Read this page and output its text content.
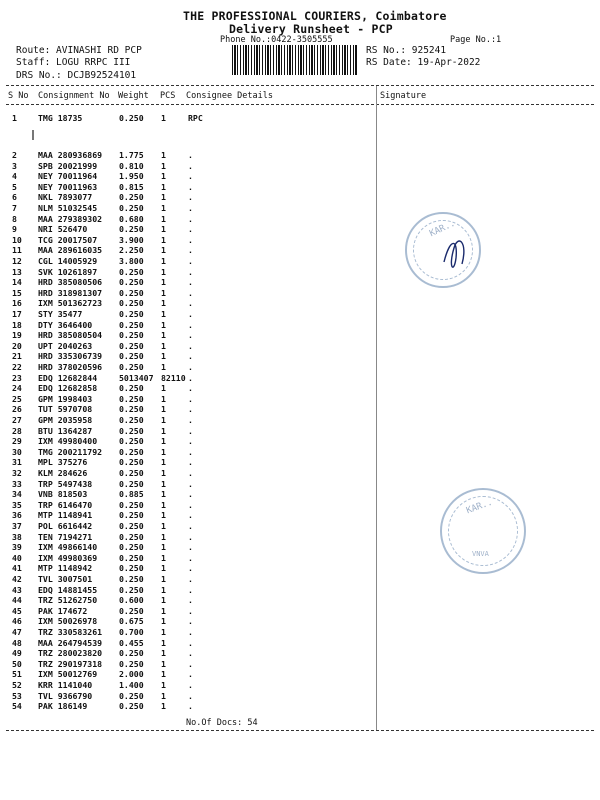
THE PROFESSIONAL COURIERS, Coimbatore
Delivery Runsheet - PCP
Phone No.:0422-3505555	Page No.:1
Route: AVINASHI RD PCP
Staff: LOGU RRPC III
DRS No.: DCJB92524101
RS No.: 925241
RS Date: 19-Apr-2022
S No Consignment No Weight PCS Consignee Details	Signature
1	TMG 18735	0.250 1	RPC
2	MAA 280936869 1.775 1	.
3	SPB 20021999	0.810 1	.
4	NEY 70011964	1.950 1	.
5	NEY 70011963	0.815 1	.
6	NKL 7893077	0.250 1	.
7	NLM 51032545	0.250 1	.
8	MAA 279389302 0.680 1	.
9	NRI 526470	0.250 1	.
10 TCG 20017507	3.900 1	.
11 MAA 289616035 2.250 1	.
12 CGL 14005929	3.800 1	.
13 SVK 10261897	0.250 1	.
14 HRD 385080506 0.250 1	.
15 HRD 318981307 0.250 1	.
16 IXM 501362723 0.250 1	.
17 STY 35477	0.250 1	.
18 DTY 3646400	0.250 1	.
19 HRD 385080504 0.250 1	.
20 UPT 2040263	0.250 1	.
21 HRD 335306739 0.250 1	.
22 HRD 378020596 0.250 1	.
23 EDQ 12682844	5013407 82110 .
24 EDQ 12682858	0.250 1	.
25 GPM 1998403	0.250 1	.
26 TUT 5970708	0.250 1	.
27 GPM 2035958	0.250 1	.
28 BTU 1364287	0.250 1	.
29 IXM 49980400	0.250 1	.
30 TMG 200211792 0.250 1	.
31 MPL 375276	0.250 1	.
32 KLM 284626	0.250 1	.
33 TRP 5497438	0.250 1	.
34 VNB 818503	0.885 1	.
35 TRP 6146470	0.250 1	.
36 MTP 1148941	0.250 1	.
37 POL 6616442	0.250 1	.
38 TEN 7194271	0.250 1	.
39 IXM 49866140	0.250 1	.
40 IXM 49980369	0.250 1	.
41 MTP 1148942	0.250 1	.
42 TVL 3007501	0.250 1	.
43 EDQ 14881455	0.250 1	.
44 TRZ 51262750	0.600 1	.
45 PAK 174672	0.250 1	.
46 IXM 50026978	0.675 1	.
47 TRZ 330583261 0.700 1	.
48 MAA 264794539 0.455 1	.
49 TRZ 280023820 0.250 1	.
50 TRZ 290197318 0.250 1	.
51 IXM 50012769	2.000 1	.
52 KRR 1141040	1.400 1	.
53 TVL 9366790	0.250 1	.
54 PAK 186149	0.250 1	.
No.Of Docs: 54
KAR..
KAR..
VNVA
